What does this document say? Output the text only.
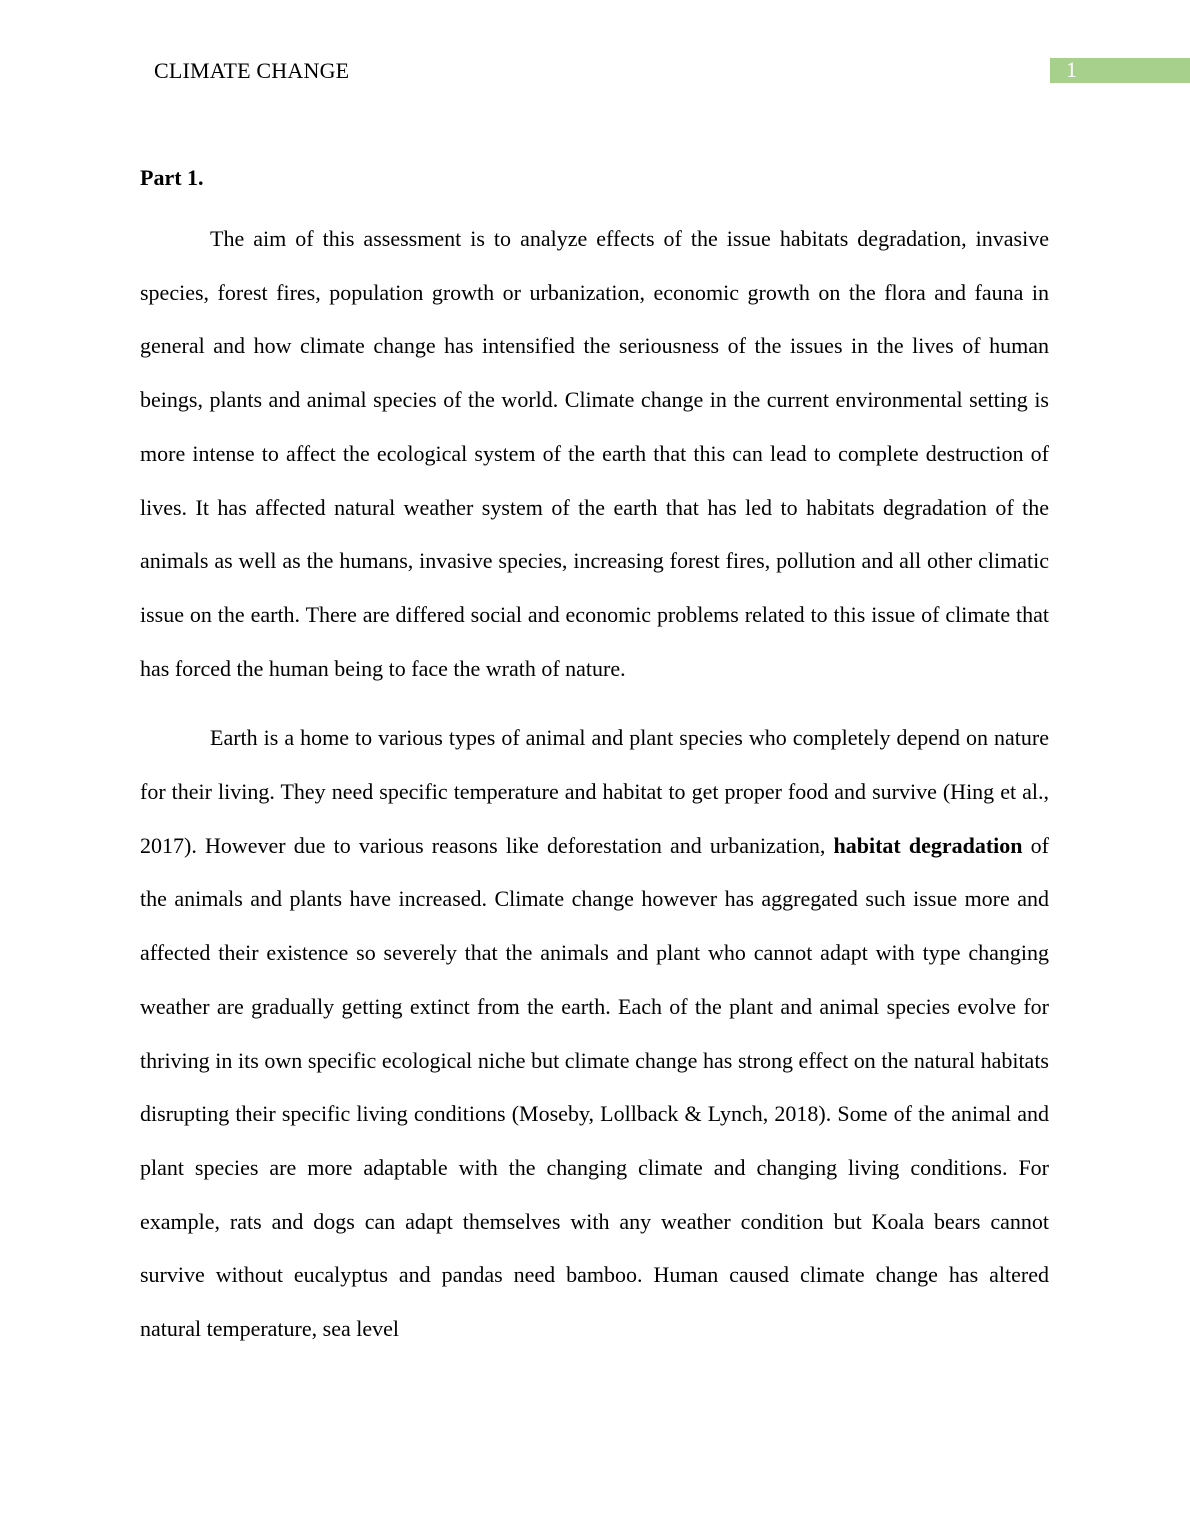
CLIMATE CHANGE	1

Part 1.

The aim of this assessment is to analyze effects of the issue habitats degradation, invasive species, forest fires, population growth or urbanization, economic growth on the flora and fauna in general and how climate change has intensified the seriousness of the issues in the lives of human beings, plants and animal species of the world. Climate change in the current environmental setting is more intense to affect the ecological system of the earth that this can lead to complete destruction of lives. It has affected natural weather system of the earth that has led to habitats degradation of the animals as well as the humans, invasive species, increasing forest fires, pollution and all other climatic issue on the earth. There are differed social and economic problems related to this issue of climate that has forced the human being to face the wrath of nature.

Earth is a home to various types of animal and plant species who completely depend on nature for their living. They need specific temperature and habitat to get proper food and survive (Hing et al., 2017). However due to various reasons like deforestation and urbanization, habitat degradation of the animals and plants have increased. Climate change however has aggregated such issue more and affected their existence so severely that the animals and plant who cannot adapt with type changing weather are gradually getting extinct from the earth. Each of the plant and animal species evolve for thriving in its own specific ecological niche but climate change has strong effect on the natural habitats disrupting their specific living conditions (Moseby, Lollback & Lynch, 2018). Some of the animal and plant species are more adaptable with the changing climate and changing living conditions. For example, rats and dogs can adapt themselves with any weather condition but Koala bears cannot survive without eucalyptus and pandas need bamboo. Human caused climate change has altered natural temperature, sea level
